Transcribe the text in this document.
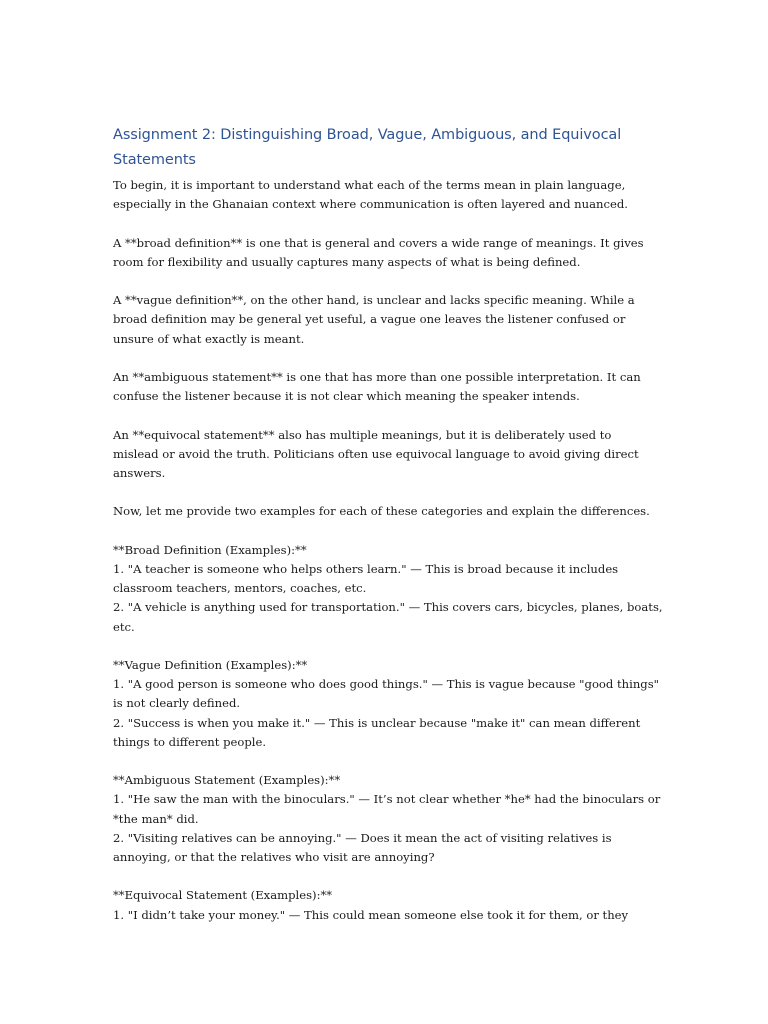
Assignment 2: Distinguishing Broad, Vague, Ambiguous, and Equivocal Statements
To begin, it is important to understand what each of the terms mean in plain language,
especially in the Ghanaian context where communication is often layered and nuanced.
A **broad definition** is one that is general and covers a wide range of meanings. It gives
room for flexibility and usually captures many aspects of what is being defined.
A **vague definition**, on the other hand, is unclear and lacks specific meaning. While a
broad definition may be general yet useful, a vague one leaves the listener confused or
unsure of what exactly is meant.
An **ambiguous statement** is one that has more than one possible interpretation. It can
confuse the listener because it is not clear which meaning the speaker intends.
An **equivocal statement** also has multiple meanings, but it is deliberately used to
mislead or avoid the truth. Politicians often use equivocal language to avoid giving direct
answers.
Now, let me provide two examples for each of these categories and explain the differences.
**Broad Definition (Examples):**
1. "A teacher is someone who helps others learn." — This is broad because it includes
classroom teachers, mentors, coaches, etc.
2. "A vehicle is anything used for transportation." — This covers cars, bicycles, planes, boats,
etc.
**Vague Definition (Examples):**
1. "A good person is someone who does good things." — This is vague because "good things"
is not clearly defined.
2. "Success is when you make it." — This is unclear because "make it" can mean different
things to different people.
**Ambiguous Statement (Examples):**
1. "He saw the man with the binoculars." — It’s not clear whether *he* had the binoculars or
*the man* did.
2. "Visiting relatives can be annoying." — Does it mean the act of visiting relatives is
annoying, or that the relatives who visit are annoying?
**Equivocal Statement (Examples):**
1. "I didn’t take your money." — This could mean someone else took it for them, or they
